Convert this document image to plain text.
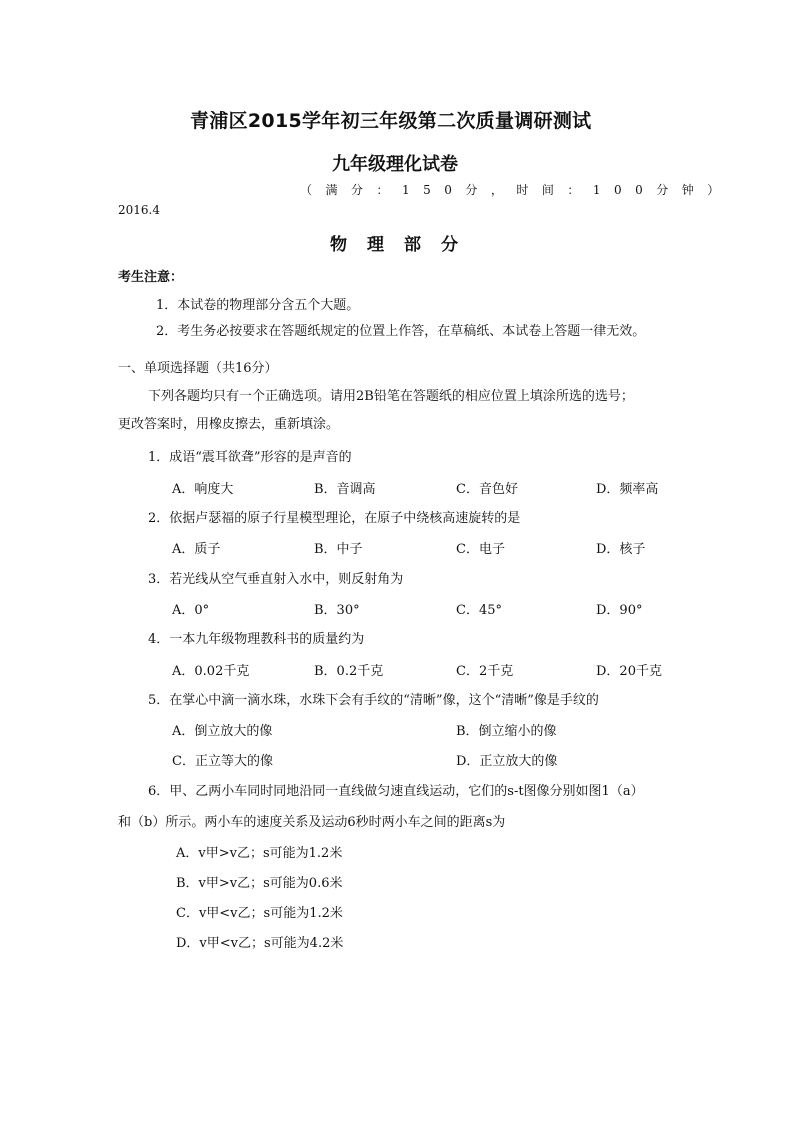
青浦区2015学年初三年级第二次质量调研测试
九年级理化试卷
（满分：150分，时间：100分钟）
2016.4
物理部分
考生注意：
1．本试卷的物理部分含五个大题。
2．考生务必按要求在答题纸规定的位置上作答，在草稿纸、本试卷上答题一律无效。
一、单项选择题（共16分）
下列各题均只有一个正确选项。请用2B铅笔在答题纸的相应位置上填涂所选的选号；
更改答案时，用橡皮擦去，重新填涂。
1．成语“震耳欲聋”形容的是声音的
A．响度大	B．音调高	C．音色好	D．频率高
2．依据卢瑟福的原子行星模型理论，在原子中绕核高速旋转的是
A．质子	B．中子	C．电子	D．核子
3．若光线从空气垂直射入水中，则反射角为
A．0°	B．30°	C．45°	D．90°
4．一本九年级物理教科书的质量约为
A．0.02千克	B．0.2千克	C．2千克	D．20千克
5．在掌心中滴一滴水珠，水珠下会有手纹的“清晰”像，这个“清晰”像是手纹的
A．倒立放大的像	B．倒立缩小的像
C．正立等大的像	D．正立放大的像
6．甲、乙两小车同时同地沿同一直线做匀速直线运动，它们的s-t图像分别如图1（a）
和（b）所示。两小车的速度关系及运动6秒时两小车之间的距离s为
A．v甲>v乙；s可能为1.2米
B．v甲>v乙；s可能为0.6米
C．v甲<v乙；s可能为1.2米
D．v甲<v乙；s可能为4.2米
